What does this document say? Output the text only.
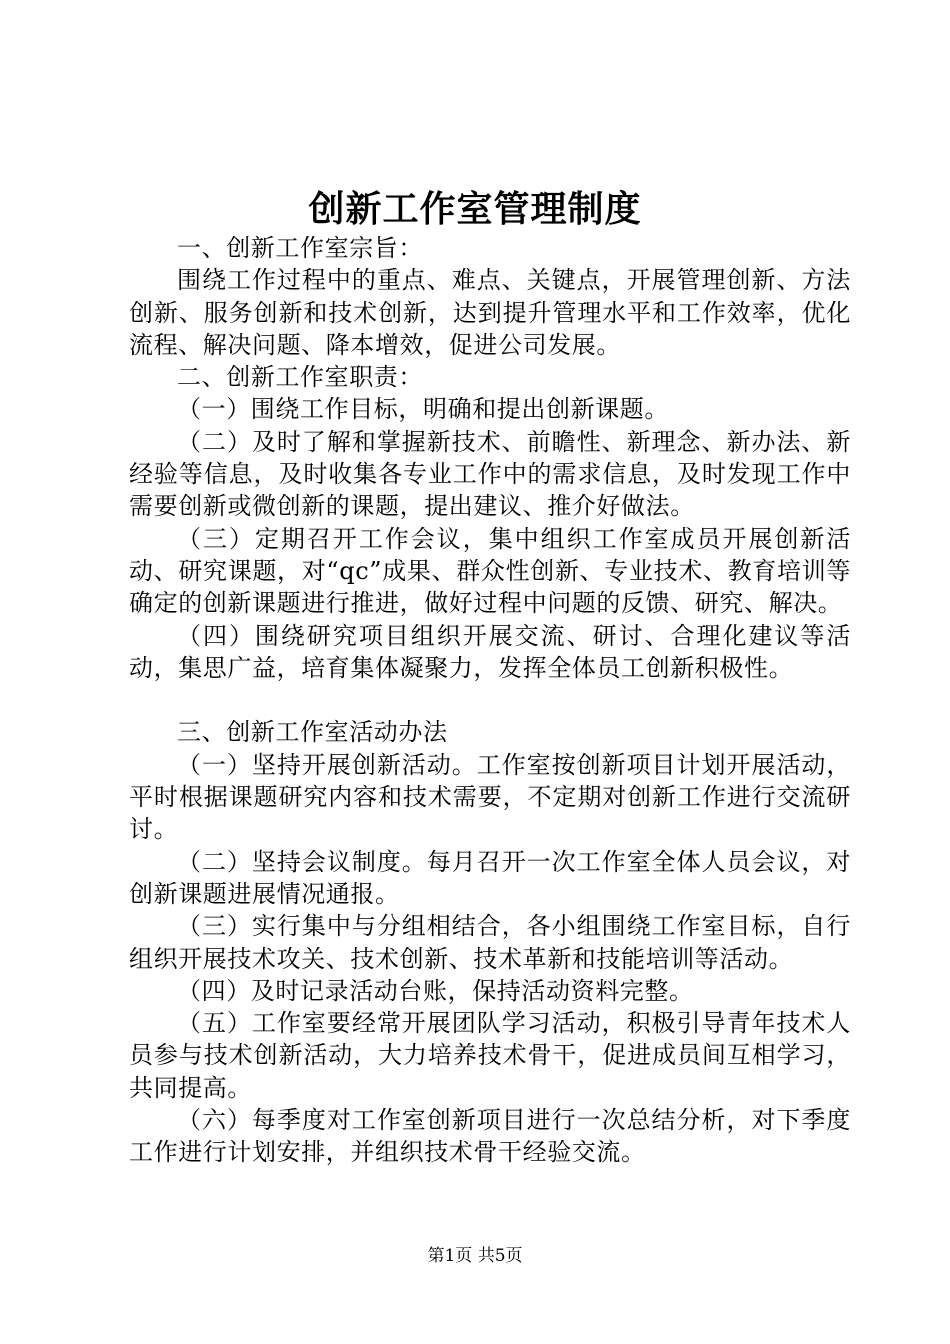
创新工作室管理制度

一、创新工作室宗旨：

围绕工作过程中的重点、难点、关键点，开展管理创新、方法创新、服务创新和技术创新，达到提升管理水平和工作效率，优化流程、解决问题、降本增效，促进公司发展。

二、创新工作室职责：

（一）围绕工作目标，明确和提出创新课题。

（二）及时了解和掌握新技术、前瞻性、新理念、新办法、新经验等信息，及时收集各专业工作中的需求信息，及时发现工作中需要创新或微创新的课题，提出建议、推介好做法。

（三）定期召开工作会议，集中组织工作室成员开展创新活动、研究课题，对“qc”成果、群众性创新、专业技术、教育培训等确定的创新课题进行推进，做好过程中问题的反馈、研究、解决。

（四）围绕研究项目组织开展交流、研讨、合理化建议等活动，集思广益，培育集体凝聚力，发挥全体员工创新积极性。

三、创新工作室活动办法

（一）坚持开展创新活动。工作室按创新项目计划开展活动，平时根据课题研究内容和技术需要，不定期对创新工作进行交流研讨。

（二）坚持会议制度。每月召开一次工作室全体人员会议，对创新课题进展情况通报。

（三）实行集中与分组相结合，各小组围绕工作室目标，自行组织开展技术攻关、技术创新、技术革新和技能培训等活动。

（四）及时记录活动台账，保持活动资料完整。

（五）工作室要经常开展团队学习活动，积极引导青年技术人员参与技术创新活动，大力培养技术骨干，促进成员间互相学习，共同提高。

（六）每季度对工作室创新项目进行一次总结分析，对下季度工作进行计划安排，并组织技术骨干经验交流。

第1页 共5页
